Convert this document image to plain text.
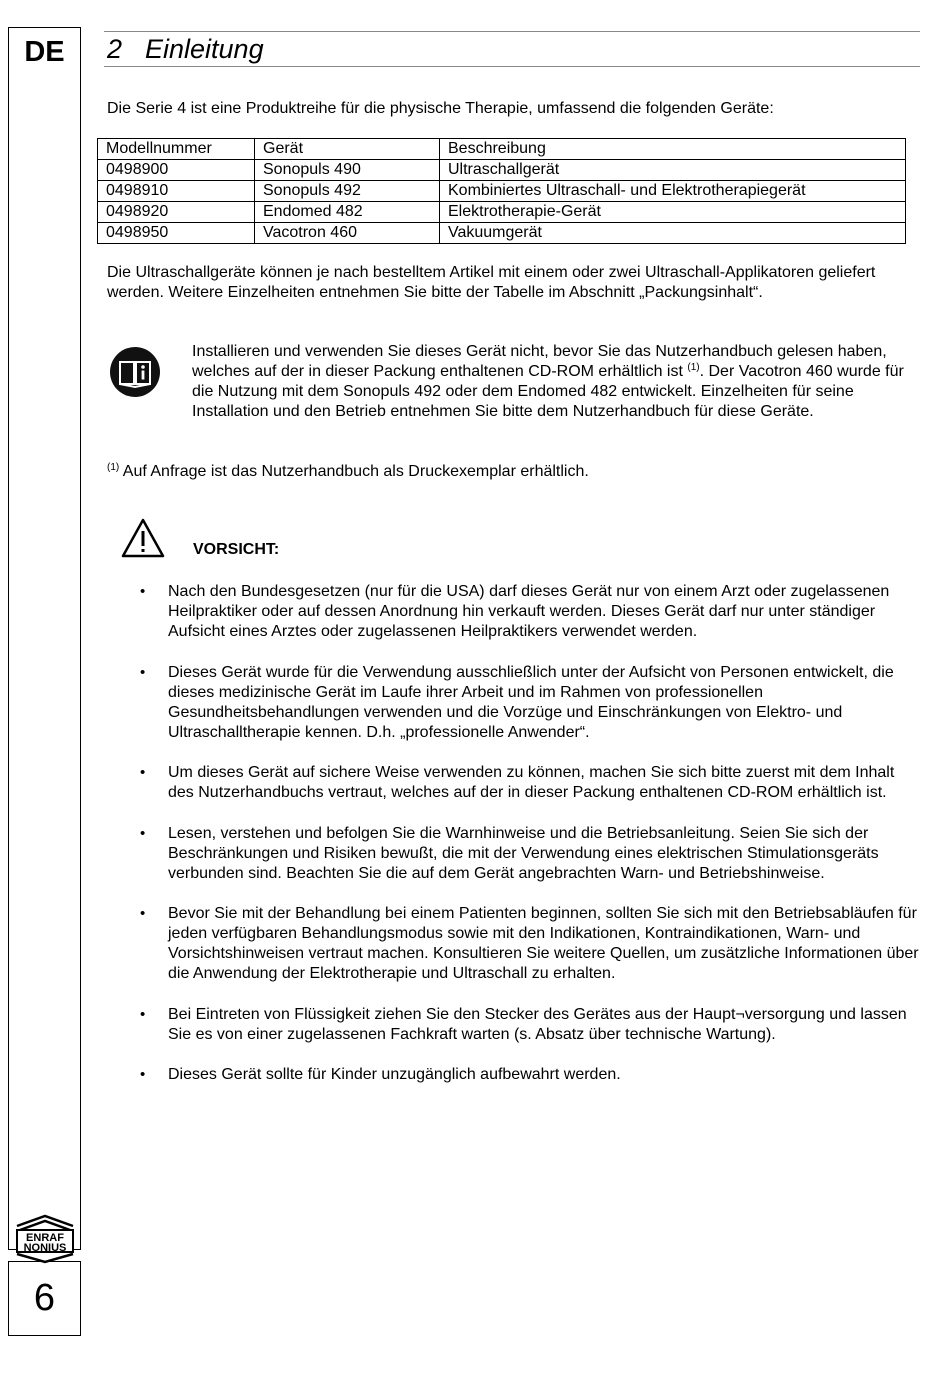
DE
ENRAF
NONIUS
6
2 Einleitung

Die Serie 4 ist eine Produktreihe für die physische Therapie, umfassend die folgenden Geräte:

Modellnummer	Gerät	Beschreibung
0498900	Sonopuls 490	Ultraschallgerät
0498910	Sonopuls 492	Kombiniertes Ultraschall- und Elektrotherapiegerät
0498920	Endomed 482	Elektrotherapie-Gerät
0498950	Vacotron 460	Vakuumgerät

Die Ultraschallgeräte können je nach bestelltem Artikel mit einem oder zwei Ultraschall-Applikatoren geliefert werden. Weitere Einzelheiten entnehmen Sie bitte der Tabelle im Abschnitt „Packungsinhalt“.

Installieren und verwenden Sie dieses Gerät nicht, bevor Sie das Nutzerhandbuch gelesen haben, welches auf der in dieser Packung enthaltenen CD-ROM erhältlich ist $^{(1)}$. Der Vacotron 460 wurde für die Nutzung mit dem Sonopuls 492 oder dem Endomed 482 entwickelt. Einzelheiten für seine Installation und den Betrieb entnehmen Sie bitte dem Nutzerhandbuch für diese Geräte.

$^{(1)}$ Auf Anfrage ist das Nutzerhandbuch als Druckexemplar erhältlich.

VORSICHT:
• Nach den Bundesgesetzen (nur für die USA) darf dieses Gerät nur von einem Arzt oder zugelassenen Heilpraktiker oder auf dessen Anordnung hin verkauft werden. Dieses Gerät darf nur unter ständiger Aufsicht eines Arztes oder zugelassenen Heilpraktikers verwendet werden.
• Dieses Gerät wurde für die Verwendung ausschließlich unter der Aufsicht von Personen entwickelt, die dieses medizinische Gerät im Laufe ihrer Arbeit und im Rahmen von professionellen Gesundheitsbehandlungen verwenden und die Vorzüge und Einschränkungen von Elektro- und Ultraschalltherapie kennen. D.h. „professionelle Anwender“.
• Um dieses Gerät auf sichere Weise verwenden zu können, machen Sie sich bitte zuerst mit dem Inhalt des Nutzerhandbuchs vertraut, welches auf der in dieser Packung enthaltenen CD-ROM erhältlich ist.
• Lesen, verstehen und befolgen Sie die Warnhinweise und die Betriebsanleitung. Seien Sie sich der Beschränkungen und Risiken bewußt, die mit der Verwendung eines elektrischen Stimulationsgeräts verbunden sind. Beachten Sie die auf dem Gerät angebrachten Warn- und Betriebshinweise.
• Bevor Sie mit der Behandlung bei einem Patienten beginnen, sollten Sie sich mit den Betriebsabläufen für jeden verfügbaren Behandlungsmodus sowie mit den Indikationen, Kontraindikationen, Warn- und Vorsichtshinweisen vertraut machen. Konsultieren Sie weitere Quellen, um zusätzliche Informationen über die Anwendung der Elektrotherapie und Ultraschall zu erhalten.
• Bei Eintreten von Flüssigkeit ziehen Sie den Stecker des Gerätes aus der Haupt¬versorgung und lassen Sie es von einer zugelassenen Fachkraft warten (s. Absatz über technische Wartung).
• Dieses Gerät sollte für Kinder unzugänglich aufbewahrt werden.
